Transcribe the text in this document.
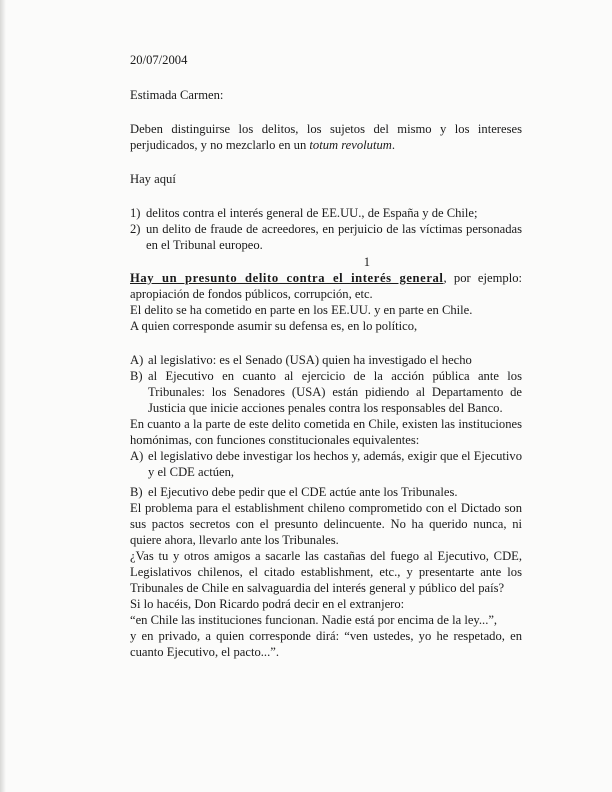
20/07/2004

Estimada Carmen:

Deben distinguirse los delitos, los sujetos del mismo y los intereses perjudicados, y no mezclarlo en un totum revolutum.

Hay aquí

1) delitos contra el interés general de EE.UU., de España y de Chile;
2) un delito de fraude de acreedores, en perjuicio de las víctimas personadas en el Tribunal europeo.

1

Hay un presunto delito contra el interés general, por ejemplo: apropiación de fondos públicos, corrupción, etc.

El delito se ha cometido en parte en los EE.UU. y en parte en Chile.

A quien corresponde asumir su defensa es, en lo político,

A) al legislativo: es el Senado (USA) quien ha investigado el hecho
B) al Ejecutivo en cuanto al ejercicio de la acción pública ante los Tribunales: los Senadores (USA) están pidiendo al Departamento de Justicia que inicie acciones penales contra los responsables del Banco.

En cuanto a la parte de este delito cometida en Chile, existen las instituciones homónimas, con funciones constitucionales equivalentes:

A) el legislativo debe investigar los hechos y, además, exigir que el Ejecutivo y el CDE actúen,
B) el Ejecutivo debe pedir que el CDE actúe ante los Tribunales.

El problema para el establishment chileno comprometido con el Dictado son sus pactos secretos con el presunto delincuente. No ha querido nunca, ni quiere ahora, llevarlo ante los Tribunales.

¿Vas tu y otros amigos a sacarle las castañas del fuego al Ejecutivo, CDE, Legislativos chilenos, el citado establishment, etc., y presentarte ante los Tribunales de Chile en salvaguardia del interés general y público del país?

Si lo hacéis, Don Ricardo podrá decir en el extranjero:

“en Chile las instituciones funcionan. Nadie está por encima de la ley...”,

y en privado, a quien corresponde dirá: “ven ustedes, yo he respetado, en cuanto Ejecutivo, el pacto...”.
